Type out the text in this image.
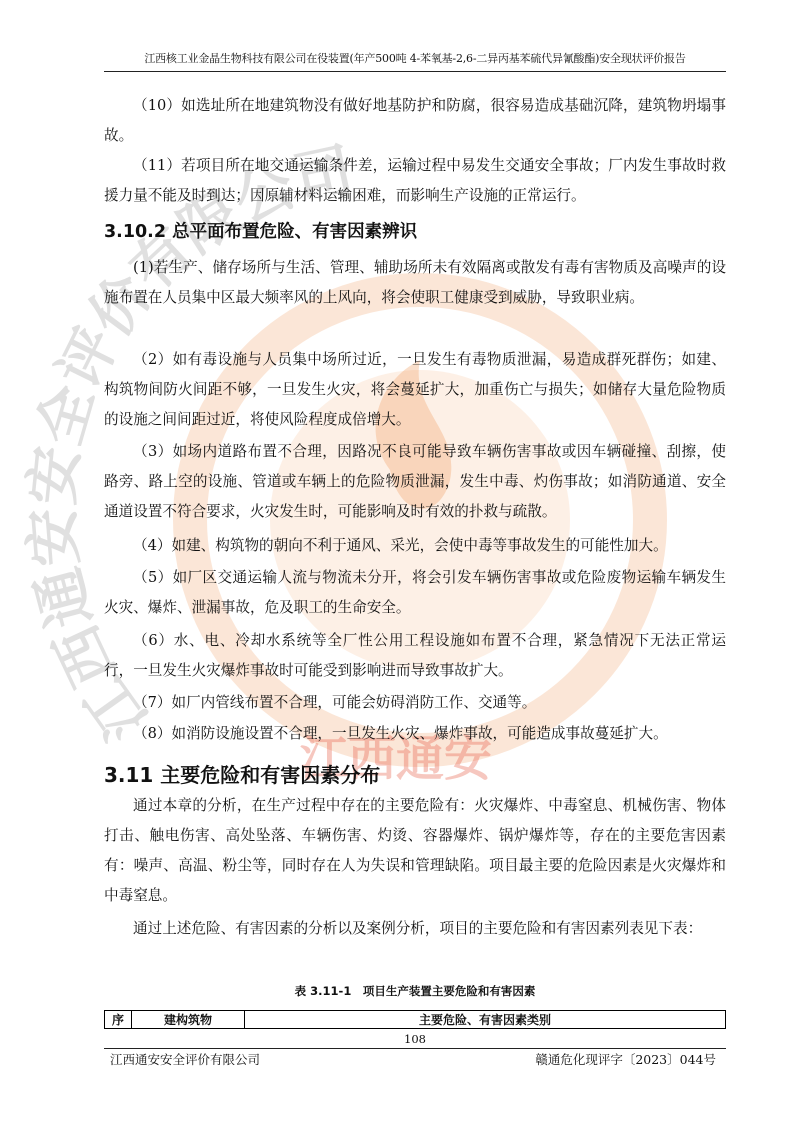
江西通安安全评价有限公司
江西通安
江西核工业金晶生物科技有限公司在役装置(年产500吨 4-苯氧基-2,6-二异丙基苯硫代异氰酸酯)安全现状评价报告

（10）如选址所在地建筑物没有做好地基防护和防腐，很容易造成基础沉降，建筑物坍塌事故。

（11）若项目所在地交通运输条件差，运输过程中易发生交通安全事故；厂内发生事故时救援力量不能及时到达；因原辅材料运输困难，而影响生产设施的正常运行。

3.10.2 总平面布置危险、有害因素辨识

(1)若生产、储存场所与生活、管理、辅助场所未有效隔离或散发有毒有害物质及高噪声的设施布置在人员集中区最大频率风的上风向，将会使职工健康受到威胁，导致职业病。

（2）如有毒设施与人员集中场所过近，一旦发生有毒物质泄漏，易造成群死群伤；如建、构筑物间防火间距不够，一旦发生火灾，将会蔓延扩大，加重伤亡与损失；如储存大量危险物质的设施之间间距过近，将使风险程度成倍增大。

（3）如场内道路布置不合理，因路况不良可能导致车辆伤害事故或因车辆碰撞、刮擦，使路旁、路上空的设施、管道或车辆上的危险物质泄漏，发生中毒、灼伤事故；如消防通道、安全通道设置不符合要求，火灾发生时，可能影响及时有效的扑救与疏散。

（4）如建、构筑物的朝向不利于通风、采光，会使中毒等事故发生的可能性加大。

（5）如厂区交通运输人流与物流未分开，将会引发车辆伤害事故或危险废物运输车辆发生火灾、爆炸、泄漏事故，危及职工的生命安全。

（6）水、电、冷却水系统等全厂性公用工程设施如布置不合理，紧急情况下无法正常运行，一旦发生火灾爆炸事故时可能受到影响进而导致事故扩大。

（7）如厂内管线布置不合理，可能会妨碍消防工作、交通等。

（8）如消防设施设置不合理，一旦发生火灾、爆炸事故，可能造成事故蔓延扩大。

3.11 主要危险和有害因素分布

通过本章的分析，在生产过程中存在的主要危险有：火灾爆炸、中毒窒息、机械伤害、物体打击、触电伤害、高处坠落、车辆伤害、灼烫、容器爆炸、锅炉爆炸等，存在的主要危害因素有：噪声、高温、粉尘等，同时存在人为失误和管理缺陷。项目最主要的危险因素是火灾爆炸和中毒窒息。

通过上述危险、有害因素的分析以及案例分析，项目的主要危险和有害因素列表见下表：

表 3.11-1　项目生产装置主要危险和有害因素
序	建构筑物	主要危险、有害因素类别
108
江西通安安全评价有限公司	赣通危化现评字〔2023〕044号
